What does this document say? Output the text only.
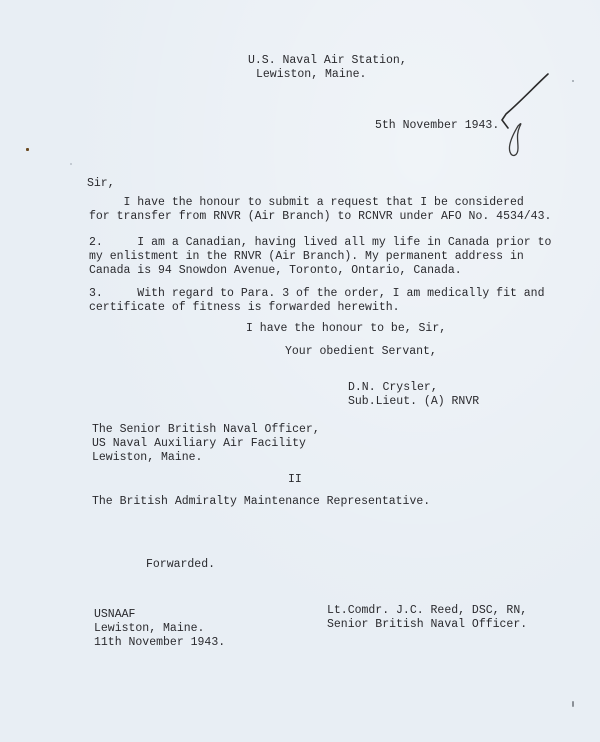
U.S. Naval Air Station,
Lewiston, Maine.
5th November 1943.
Sir,
I have the honour to submit a request that I be considered
for transfer from RNVR (Air Branch) to RCNVR under AFO No. 4534/43.
2.     I am a Canadian, having lived all my life in Canada prior to
my enlistment in the RNVR (Air Branch). My permanent address in
Canada is 94 Snowdon Avenue, Toronto, Ontario, Canada.
3.     With regard to Para. 3 of the order, I am medically fit and
certificate of fitness is forwarded herewith.
I have the honour to be, Sir,
Your obedient Servant,
D.N. Crysler,
Sub.Lieut. (A) RNVR
The Senior British Naval Officer,
US Naval Auxiliary Air Facility
Lewiston, Maine.
II
The British Admiralty Maintenance Representative.
Forwarded.
USNAAF
Lewiston, Maine.
11th November 1943.
Lt.Comdr. J.C. Reed, DSC, RN,
Senior British Naval Officer.
